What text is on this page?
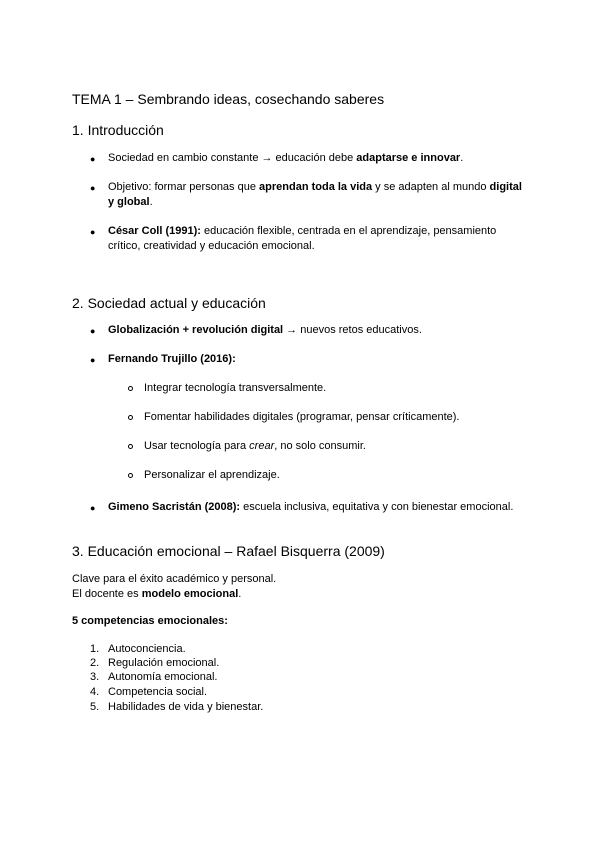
TEMA 1 – Sembrando ideas, cosechando saberes
1. Introducción
● Sociedad en cambio constante → educación debe adaptarse e innovar.
● Objetivo: formar personas que aprendan toda la vida y se adapten al mundo digital
y global.
● César Coll (1991): educación flexible, centrada en el aprendizaje, pensamiento
crítico, creatividad y educación emocional.
2. Sociedad actual y educación
● Globalización + revolución digital → nuevos retos educativos.
● Fernando Trujillo (2016):
Integrar tecnología transversalmente.
Fomentar habilidades digitales (programar, pensar críticamente).
Usar tecnología para crear, no solo consumir.
Personalizar el aprendizaje.
● Gimeno Sacristán (2008): escuela inclusiva, equitativa y con bienestar emocional.
3. Educación emocional – Rafael Bisquerra (2009)
Clave para el éxito académico y personal.
El docente es modelo emocional.
5 competencias emocionales:
1. Autoconciencia.
2. Regulación emocional.
3. Autonomía emocional.
4. Competencia social.
5. Habilidades de vida y bienestar.
